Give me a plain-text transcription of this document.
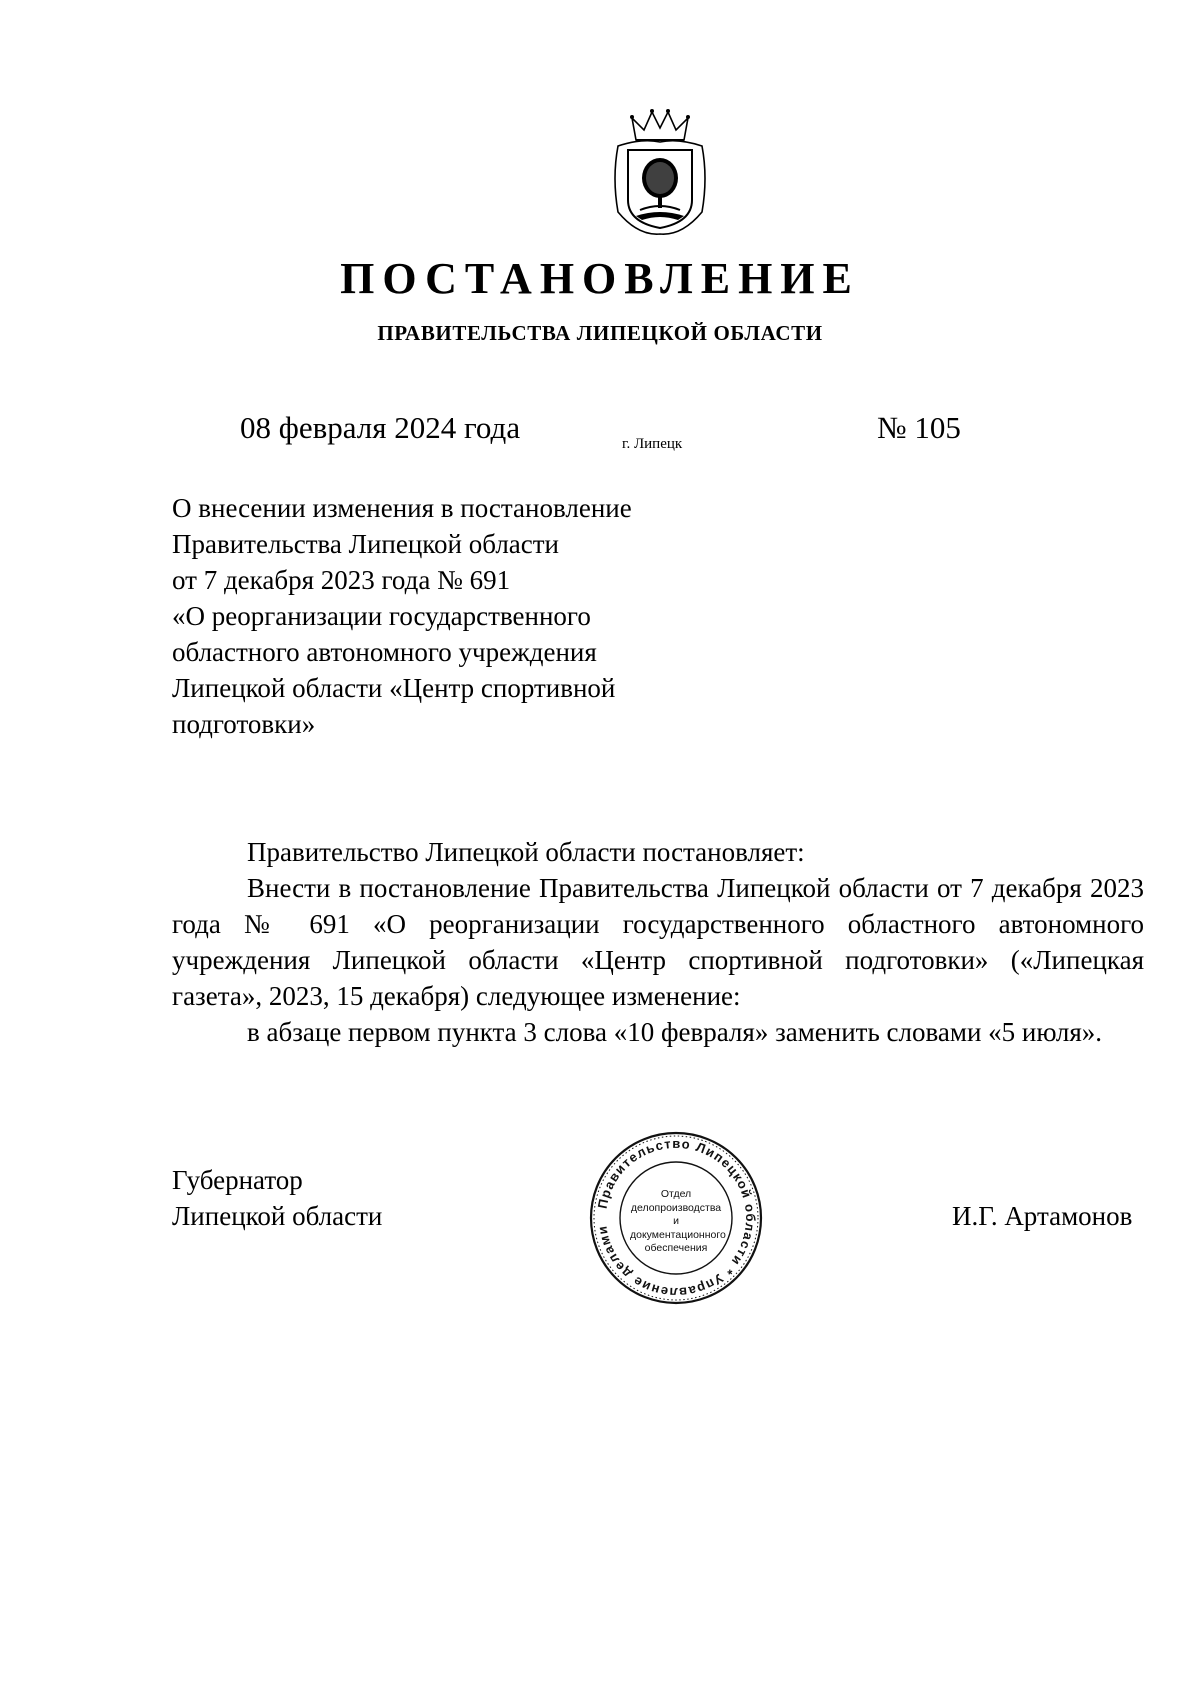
ПОСТАНОВЛЕНИЕ
ПРАВИТЕЛЬСТВА ЛИПЕЦКОЙ ОБЛАСТИ
08 февраля 2024 года	г. Липецк	№ 105
О внесении изменения в постановление
Правительства Липецкой области
от 7 декабря 2023 года № 691
«О реорганизации государственного
областного автономного учреждения
Липецкой области «Центр спортивной
подготовки»
Правительство Липецкой области постановляет:
Внести в постановление Правительства Липецкой области от 7 декабря 2023 года № 691 «О реорганизации государственного областного автономного учреждения Липецкой области «Центр спортивной подготовки» («Липецкая газета», 2023, 15 декабря) следующее изменение:
в абзаце первом пункта 3 слова «10 февраля» заменить словами «5 июля».
Губернатор
Липецкой области	Правительство Липецкой области * Управление делами
Отдел
делопроизводства и
документационного
обеспечения
И.Г. Артамонов
